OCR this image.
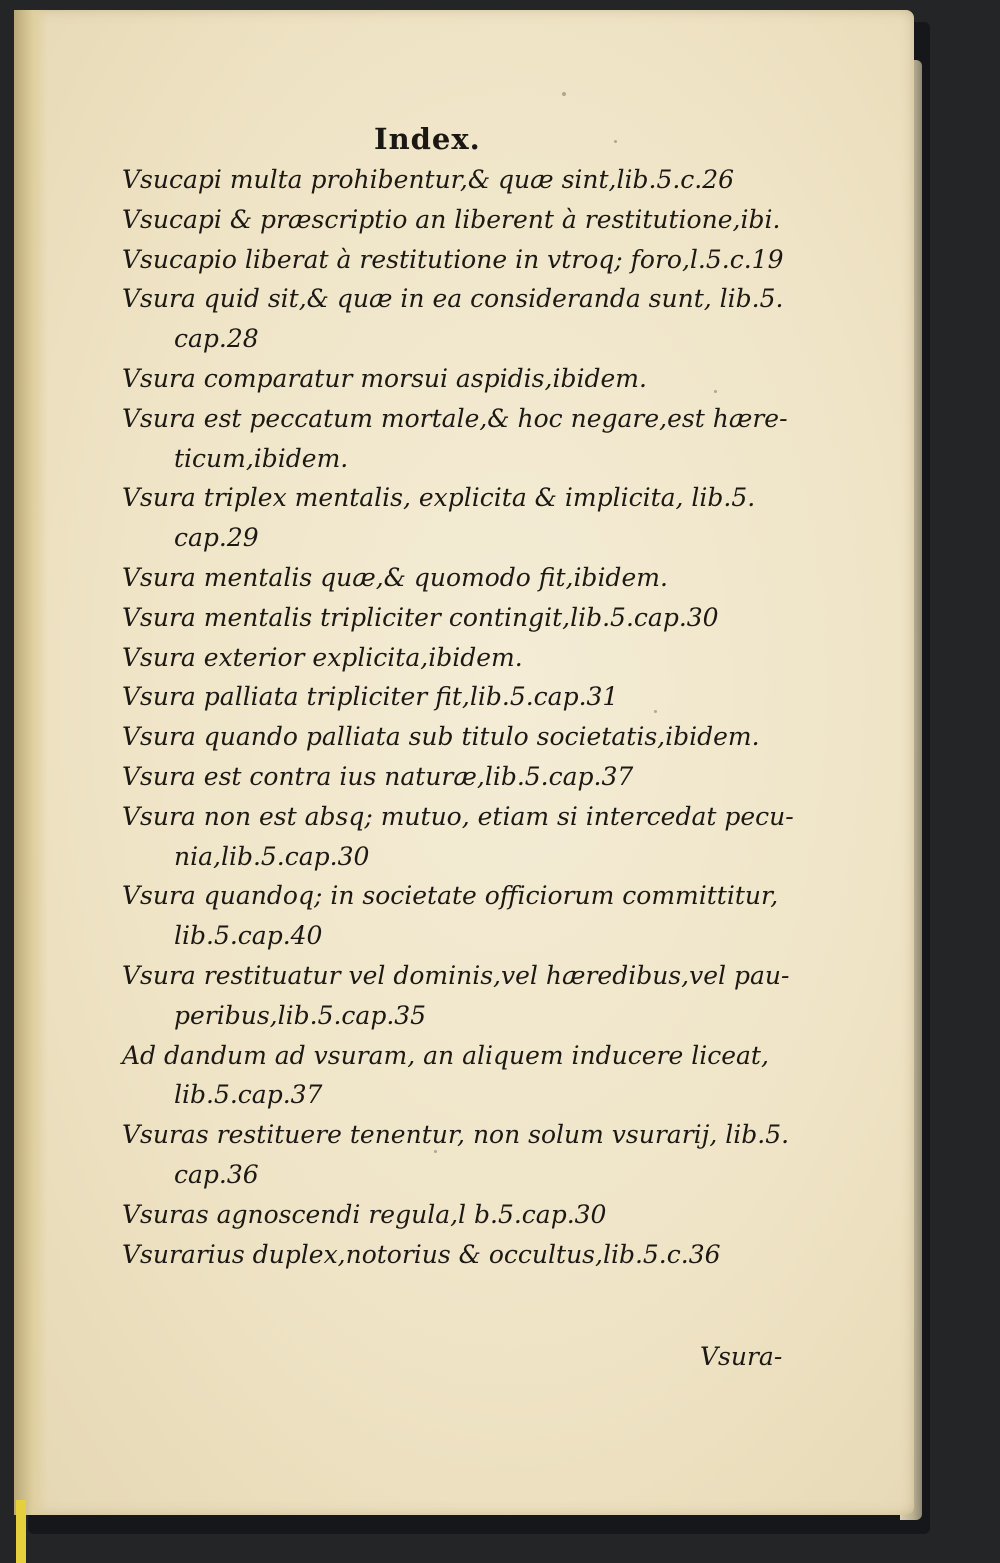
Index.
Vsucapi multa prohibentur,& quæ sint,lib.5.c.26
Vsucapi & præscriptio an liberent à restitutione,ibi.
Vsucapio liberat à restitutione in vtroq; foro,l.5.c.19
Vsura quid sit,& quæ in ea consideranda sunt, lib.5.
cap.28
Vsura comparatur morsui aspidis,ibidem.
Vsura est peccatum mortale,& hoc negare,est hære-
ticum,ibidem.
Vsura triplex mentalis, explicita & implicita, lib.5.
cap.29
Vsura mentalis quæ,& quomodo fit,ibidem.
Vsura mentalis tripliciter contingit,lib.5.cap.30
Vsura exterior explicita,ibidem.
Vsura palliata tripliciter fit,lib.5.cap.31
Vsura quando palliata sub titulo societatis,ibidem.
Vsura est contra ius naturæ,lib.5.cap.37
Vsura non est absq; mutuo, etiam si intercedat pecu-
nia,lib.5.cap.30
Vsura quandoq; in societate officiorum committitur,
lib.5.cap.40
Vsura restituatur vel dominis,vel hæredibus,vel pau-
peribus,lib.5.cap.35
Ad dandum ad vsuram, an aliquem inducere liceat,
lib.5.cap.37
Vsuras restituere tenentur, non solum vsurarij, lib.5.
cap.36
Vsuras agnoscendi regula,l b.5.cap.30
Vsurarius duplex,notorius & occultus,lib.5.c.36
Vsura-
